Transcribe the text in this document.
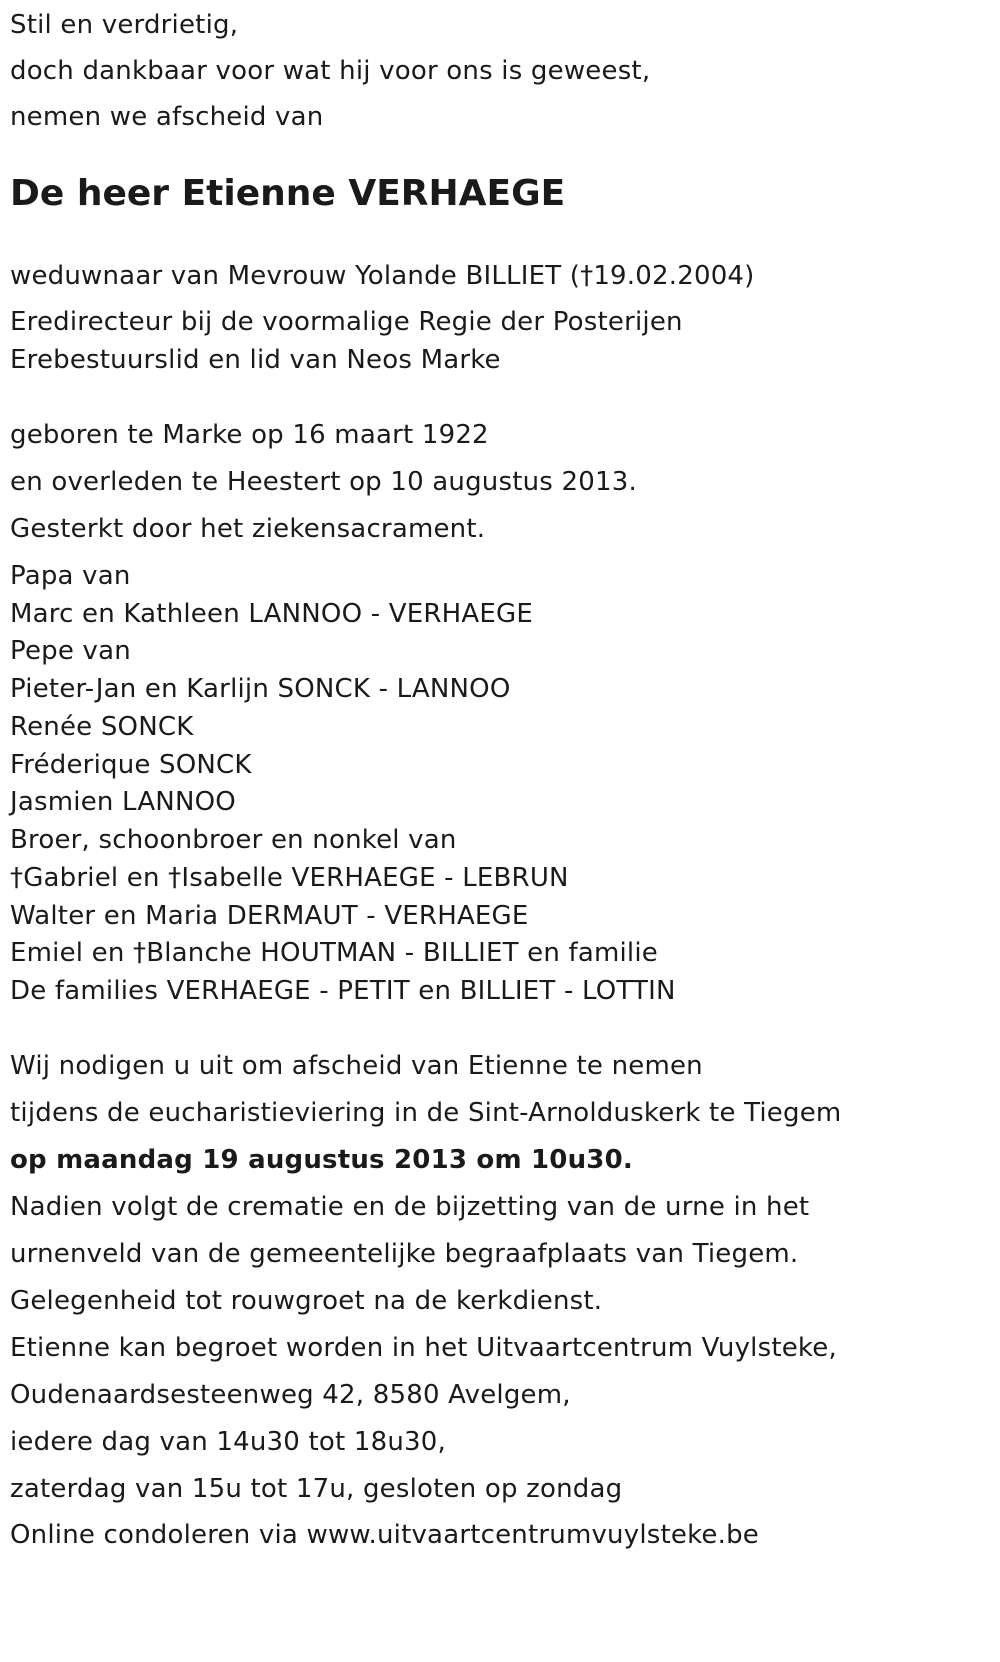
Stil en verdrietig,
doch dankbaar voor wat hij voor ons is geweest,
nemen we afscheid van
De heer Etienne VERHAEGE
weduwnaar van Mevrouw Yolande BILLIET (†19.02.2004)
Eredirecteur bij de voormalige Regie der Posterijen
Erebestuurslid en lid van Neos Marke
geboren te Marke op 16 maart 1922
en overleden te Heestert op 10 augustus 2013.
Gesterkt door het ziekensacrament.
Papa van
Marc en Kathleen LANNOO - VERHAEGE
Pepe van
Pieter-Jan en Karlijn SONCK - LANNOO
Renée SONCK
Fréderique SONCK
Jasmien LANNOO
Broer, schoonbroer en nonkel van
†Gabriel en †Isabelle VERHAEGE - LEBRUN
Walter en Maria DERMAUT - VERHAEGE
Emiel en †Blanche HOUTMAN - BILLIET en familie
De families VERHAEGE - PETIT en BILLIET - LOTTIN
Wij nodigen u uit om afscheid van Etienne te nemen
tijdens de eucharistieviering in de Sint-Arnolduskerk te Tiegem
op maandag 19 augustus 2013 om 10u30.
Nadien volgt de crematie en de bijzetting van de urne in het
urnenveld van de gemeentelijke begraafplaats van Tiegem.
Gelegenheid tot rouwgroet na de kerkdienst.
Etienne kan begroet worden in het Uitvaartcentrum Vuylsteke,
Oudenaardsesteenweg 42, 8580 Avelgem,
iedere dag van 14u30 tot 18u30,
zaterdag van 15u tot 17u, gesloten op zondag
Online condoleren via www.uitvaartcentrumvuylsteke.be
